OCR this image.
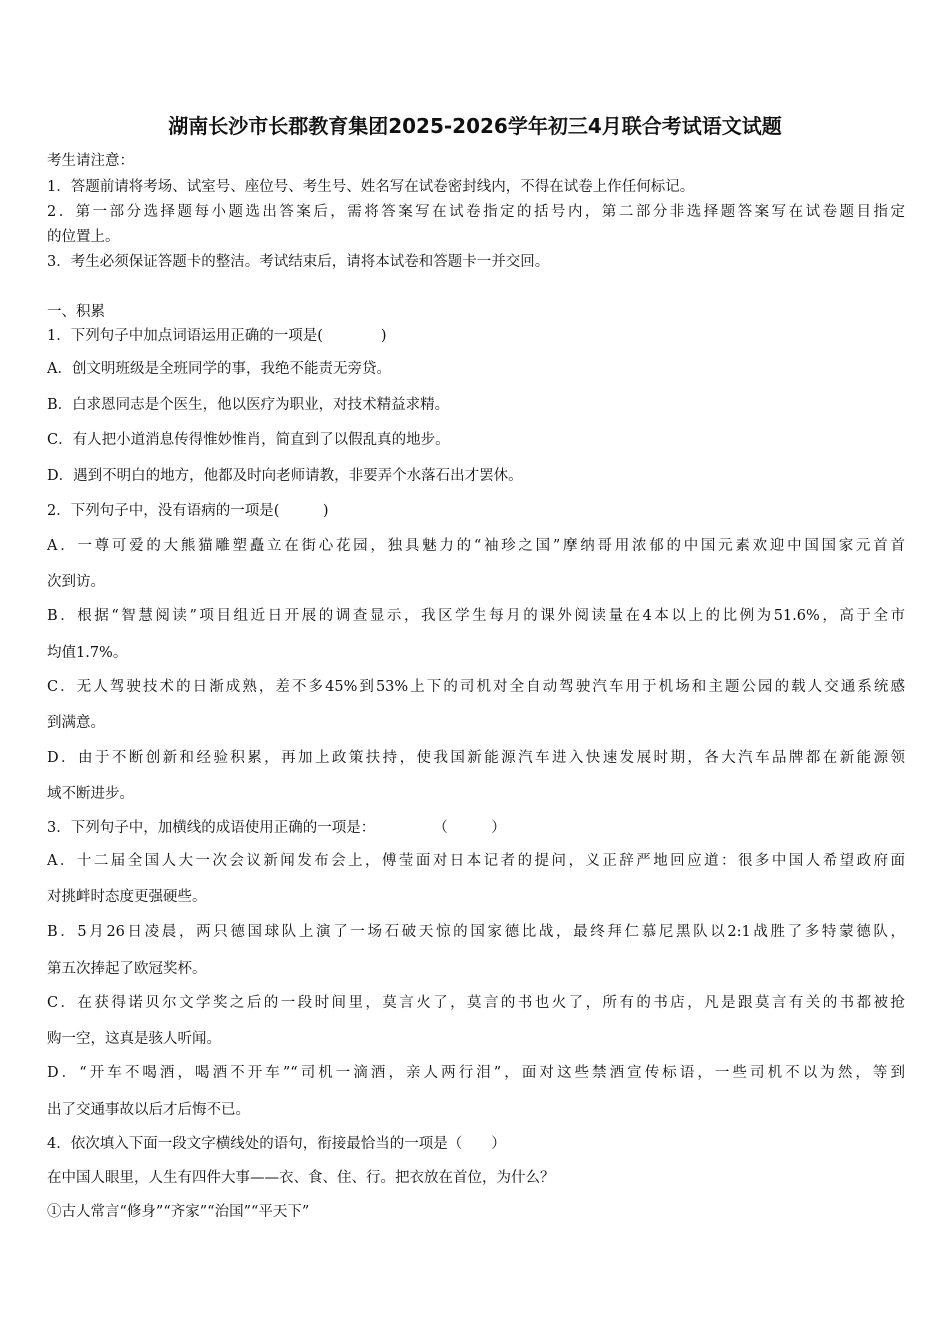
湖南长沙市长郡教育集团2025-2026学年初三4月联合考试语文试题
考生请注意：
1．答题前请将考场、试室号、座位号、考生号、姓名写在试卷密封线内，不得在试卷上作任何标记。
2．第一部分选择题每小题选出答案后，需将答案写在试卷指定的括号内，第二部分非选择题答案写在试卷题目指定
的位置上。
3．考生必须保证答题卡的整洁。考试结束后，请将本试卷和答题卡一并交回。
一、积累
1．下列句子中加点词语运用正确的一项是(　　　　)
A．创文明班级是全班同学的事，我绝不能责无旁贷。
B．白求恩同志是个医生，他以医疗为职业，对技术精益求精。
C．有人把小道消息传得惟妙惟肖，简直到了以假乱真的地步。
D．遇到不明白的地方，他都及时向老师请教，非要弄个水落石出才罢休。
2．下列句子中，没有语病的一项是(　　　)
A．一尊可爱的大熊猫雕塑矗立在街心花园，独具魅力的“袖珍之国”摩纳哥用浓郁的中国元素欢迎中国国家元首首
次到访。
B．根据“智慧阅读”项目组近日开展的调查显示，我区学生每月的课外阅读量在4本以上的比例为51.6%，高于全市
均值1.7%。
C．无人驾驶技术的日渐成熟，差不多45%到53%上下的司机对全自动驾驶汽车用于机场和主题公园的载人交通系统感
到满意。
D．由于不断创新和经验积累，再加上政策扶持，使我国新能源汽车进入快速发展时期，各大汽车品牌都在新能源领
域不断进步。
3．下列句子中，加横线的成语使用正确的一项是：　　　　　（　　　）
A．十二届全国人大一次会议新闻发布会上，傅莹面对日本记者的提问，义正辞严地回应道：很多中国人希望政府面
对挑衅时态度更强硬些。
B．5月26日凌晨，两只德国球队上演了一场石破天惊的国家德比战，最终拜仁慕尼黑队以2:1战胜了多特蒙德队，
第五次捧起了欧冠奖杯。
C．在获得诺贝尔文学奖之后的一段时间里，莫言火了，莫言的书也火了，所有的书店，凡是跟莫言有关的书都被抢
购一空，这真是骇人听闻。
D．“开车不喝酒，喝酒不开车”“司机一滴酒，亲人两行泪”，面对这些禁酒宣传标语，一些司机不以为然，等到
出了交通事故以后才后悔不已。
4．依次填入下面一段文字横线处的语句，衔接最恰当的一项是（　　）
在中国人眼里，人生有四件大事——衣、食、住、行。把衣放在首位，为什么？
①古人常言“修身”“齐家”“治国”“平天下”
